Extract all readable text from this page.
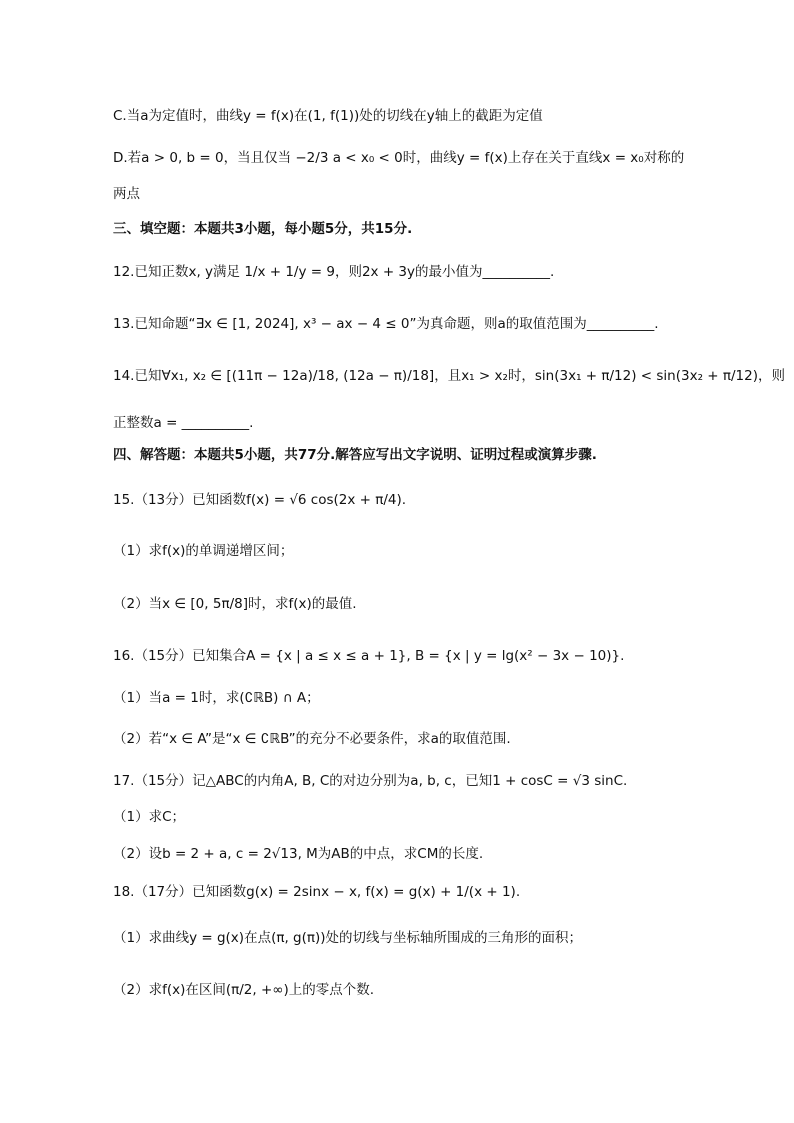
C.当a为定值时，曲线y = f(x)在(1, f(1))处的切线在y轴上的截距为定值
D.若a > 0, b = 0，当且仅当 −2/3 a < x₀ < 0时，曲线y = f(x)上存在关于直线x = x₀对称的
两点
三、填空题：本题共3小题，每小题5分，共15分.
12.已知正数x, y满足 1/x + 1/y = 9，则2x + 3y的最小值为__________.
13.已知命题“∃x ∈ [1, 2024], x³ − ax − 4 ≤ 0”为真命题，则a的取值范围为__________.
14.已知∀x₁, x₂ ∈ [(11π − 12a)/18, (12a − π)/18]，且x₁ > x₂时，sin(3x₁ + π/12) < sin(3x₂ + π/12)，则
正整数a = __________.
四、解答题：本题共5小题，共77分.解答应写出文字说明、证明过程或演算步骤.
15.（13分）已知函数f(x) = √6 cos(2x + π/4).
（1）求f(x)的单调递增区间；
（2）当x ∈ [0, 5π/8]时，求f(x)的最值.
16.（15分）已知集合A = {x | a ≤ x ≤ a + 1}, B = {x | y = lg(x² − 3x − 10)}.
（1）当a = 1时，求(∁ℝB) ∩ A；
（2）若“x ∈ A”是“x ∈ ∁ℝB”的充分不必要条件，求a的取值范围.
17.（15分）记△ABC的内角A, B, C的对边分别为a, b, c，已知1 + cosC = √3 sinC.
（1）求C；
（2）设b = 2 + a, c = 2√13, M为AB的中点，求CM的长度.
18.（17分）已知函数g(x) = 2sinx − x, f(x) = g(x) + 1/(x + 1).
（1）求曲线y = g(x)在点(π, g(π))处的切线与坐标轴所围成的三角形的面积；
（2）求f(x)在区间(π/2, +∞)上的零点个数.
